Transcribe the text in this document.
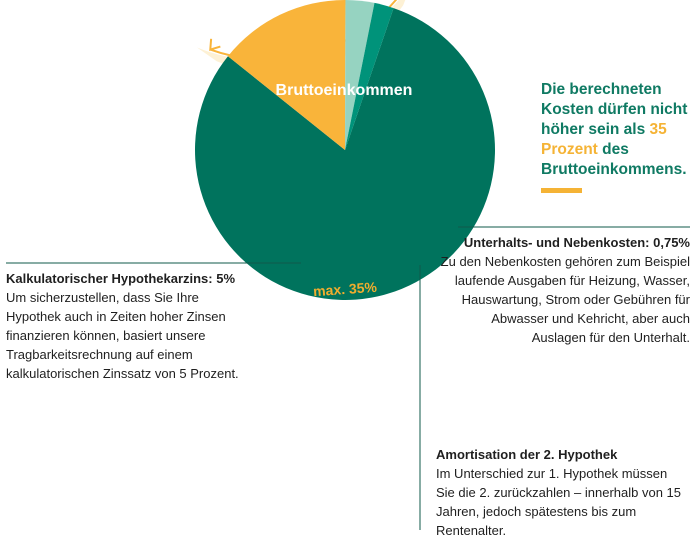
Bruttoeinkommen
max. 35%
Die berechneten Kosten dürfen nicht höher sein als 35 Prozent des Bruttoeinkommens.
Kalkulatorischer Hypothekarzins: 5%
Um sicherzustellen, dass Sie Ihre Hypothek auch in Zeiten hoher Zinsen finanzieren können, basiert unsere Tragbarkeitsrechnung auf einem kalkulatorischen Zinssatz von 5 Prozent.
Unterhalts- und Nebenkosten: 0,75%
Zu den Nebenkosten gehören zum Beispiel laufende Ausgaben für Heizung, Wasser, Hauswartung, Strom oder Gebühren für Abwasser und Kehricht, aber auch Auslagen für den Unterhalt.
Amortisation der 2. Hypothek
Im Unterschied zur 1. Hypothek müssen Sie die 2. zurückzahlen – innerhalb von 15 Jahren, jedoch spätestens bis zum Rentenalter.
